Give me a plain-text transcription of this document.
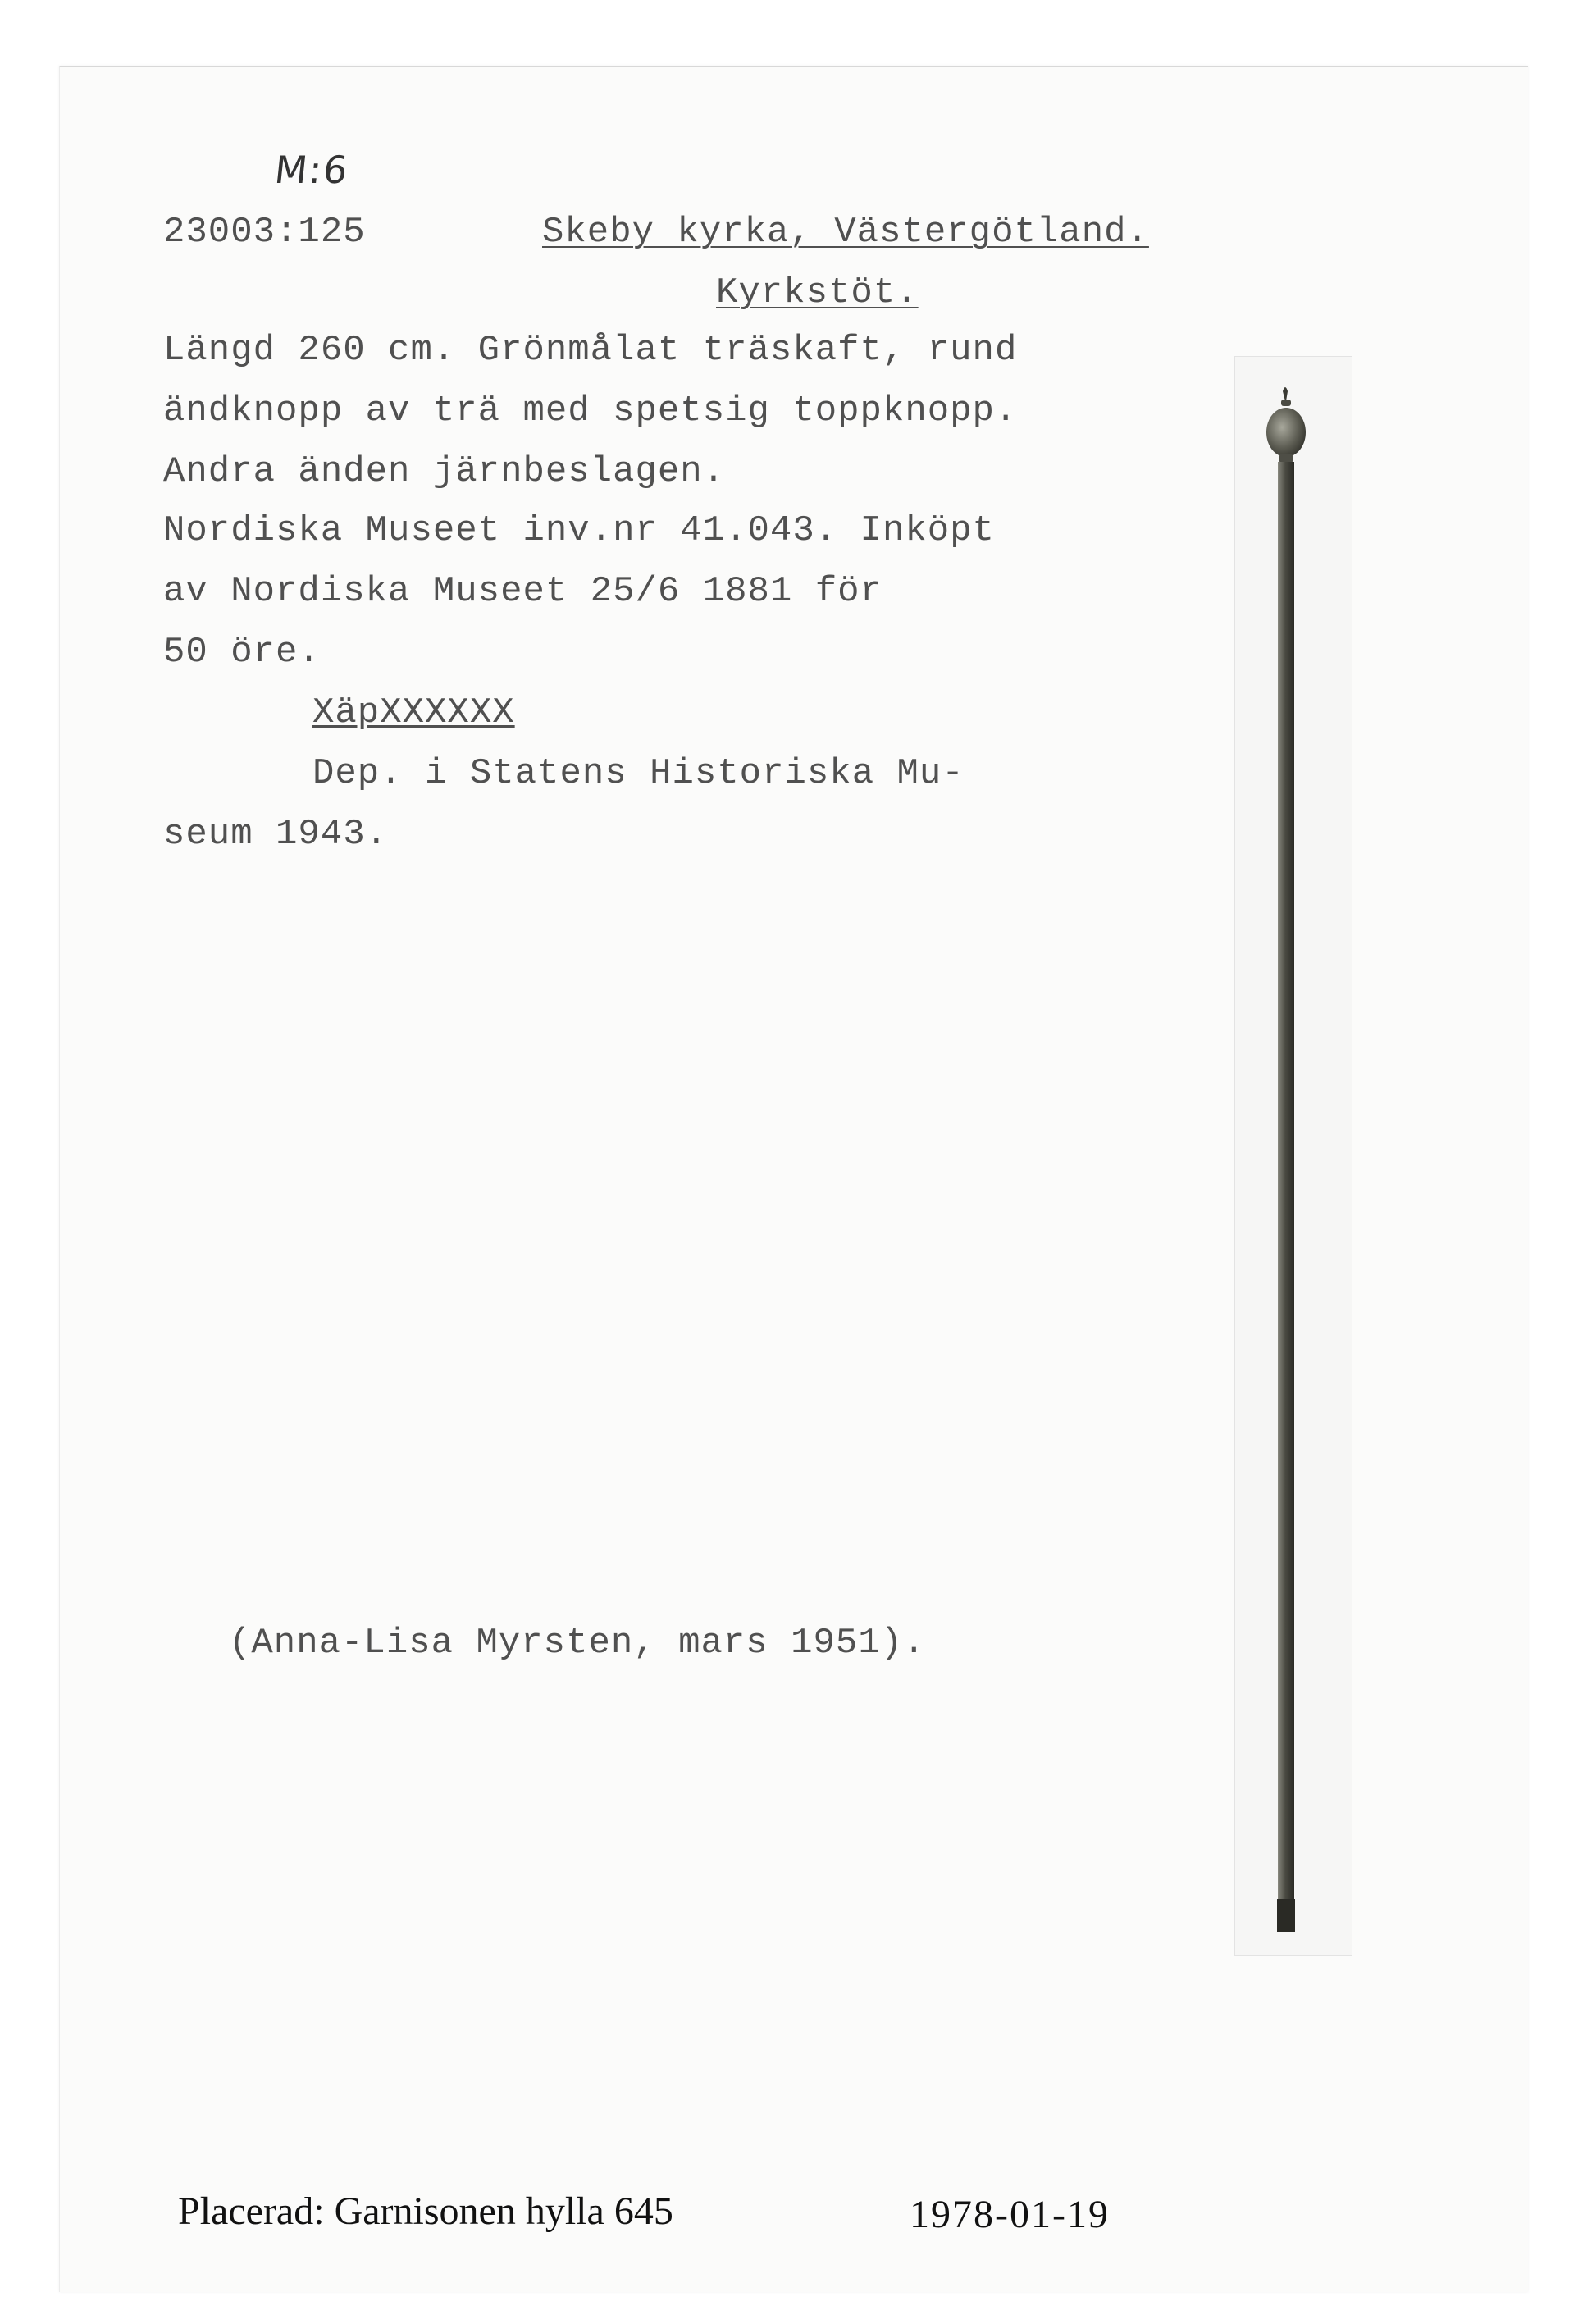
M:6
23003:125	Skeby kyrka, Västergötland.
Kyrkstöt.
Längd 260 cm. Grönmålat träskaft, rund
ändknopp av trä med spetsig toppknopp.
Andra änden järnbeslagen.
Nordiska Museet inv.nr 41.043. Inköpt
av Nordiska Museet 25/6 1881 för
50 öre.
XäpXXXXXX
Dep. i Statens Historiska Mu-
seum 1943.
(Anna-Lisa Myrsten, mars 1951).
Placerad: Garnisonen hylla 645	1978-01-19
